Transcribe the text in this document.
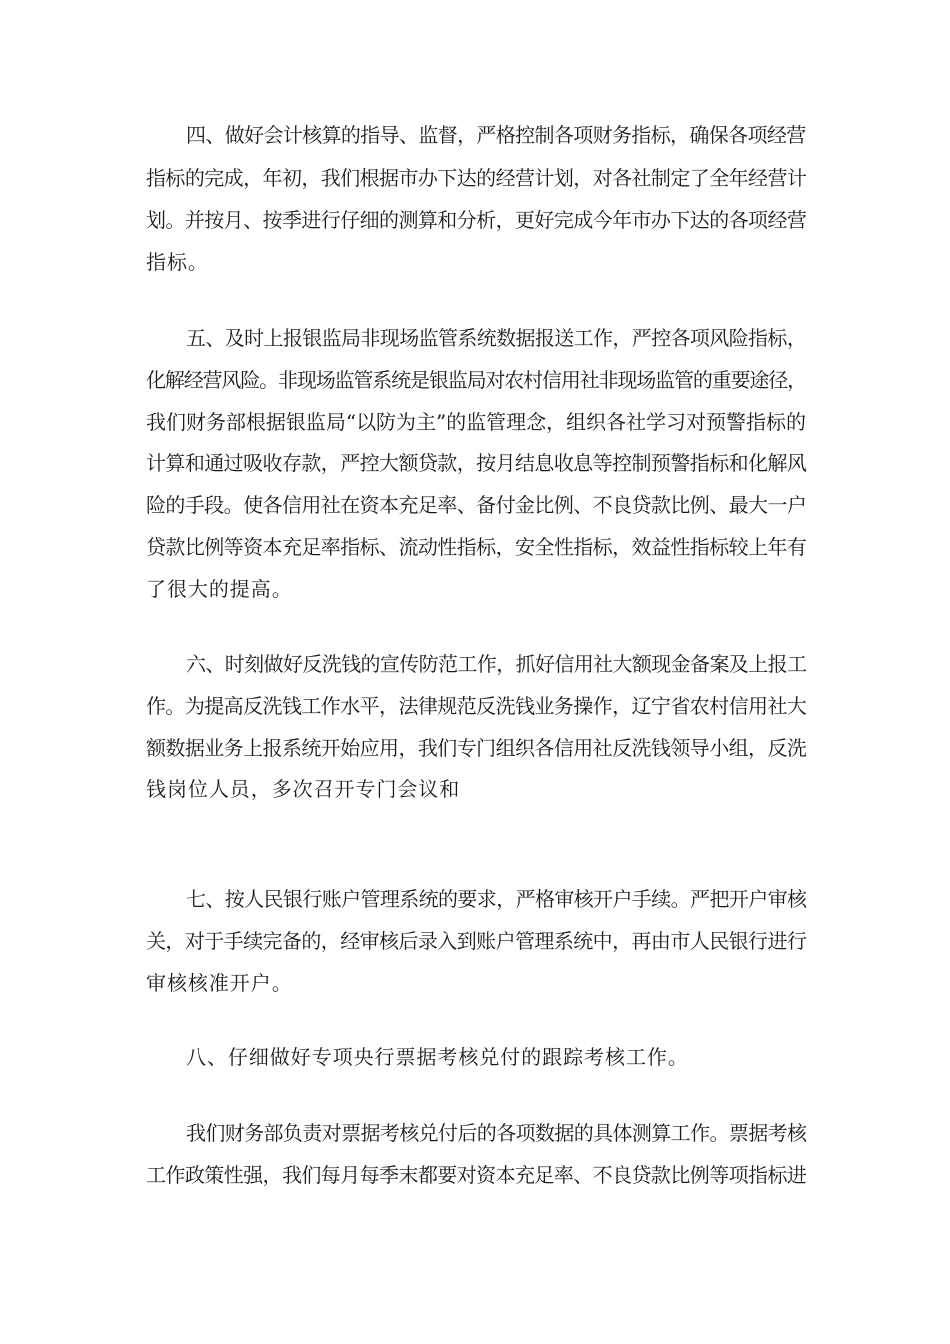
四、做好会计核算的指导、监督，严格控制各项财务指标，确保各项经营

指标的完成，年初，我们根据市办下达的经营计划，对各社制定了全年经营计

划。并按月、按季进行仔细的测算和分析，更好完成今年市办下达的各项经营

指标。

五、及时上报银监局非现场监管系统数据报送工作，严控各项风险指标，

化解经营风险。非现场监管系统是银监局对农村信用社非现场监管的重要途径，

我们财务部根据银监局“以防为主”的监管理念，组织各社学习对预警指标的

计算和通过吸收存款，严控大额贷款，按月结息收息等控制预警指标和化解风

险的手段。使各信用社在资本充足率、备付金比例、不良贷款比例、最大一户

贷款比例等资本充足率指标、流动性指标，安全性指标，效益性指标较上年有

了很大的提高。

六、时刻做好反洗钱的宣传防范工作，抓好信用社大额现金备案及上报工

作。为提高反洗钱工作水平，法律规范反洗钱业务操作，辽宁省农村信用社大

额数据业务上报系统开始应用，我们专门组织各信用社反洗钱领导小组，反洗

钱岗位人员，多次召开专门会议和

七、按人民银行账户管理系统的要求，严格审核开户手续。严把开户审核

关，对于手续完备的，经审核后录入到账户管理系统中，再由市人民银行进行

审核核准开户。

八、仔细做好专项央行票据考核兑付的跟踪考核工作。

我们财务部负责对票据考核兑付后的各项数据的具体测算工作。票据考核

工作政策性强，我们每月每季末都要对资本充足率、不良贷款比例等项指标进
